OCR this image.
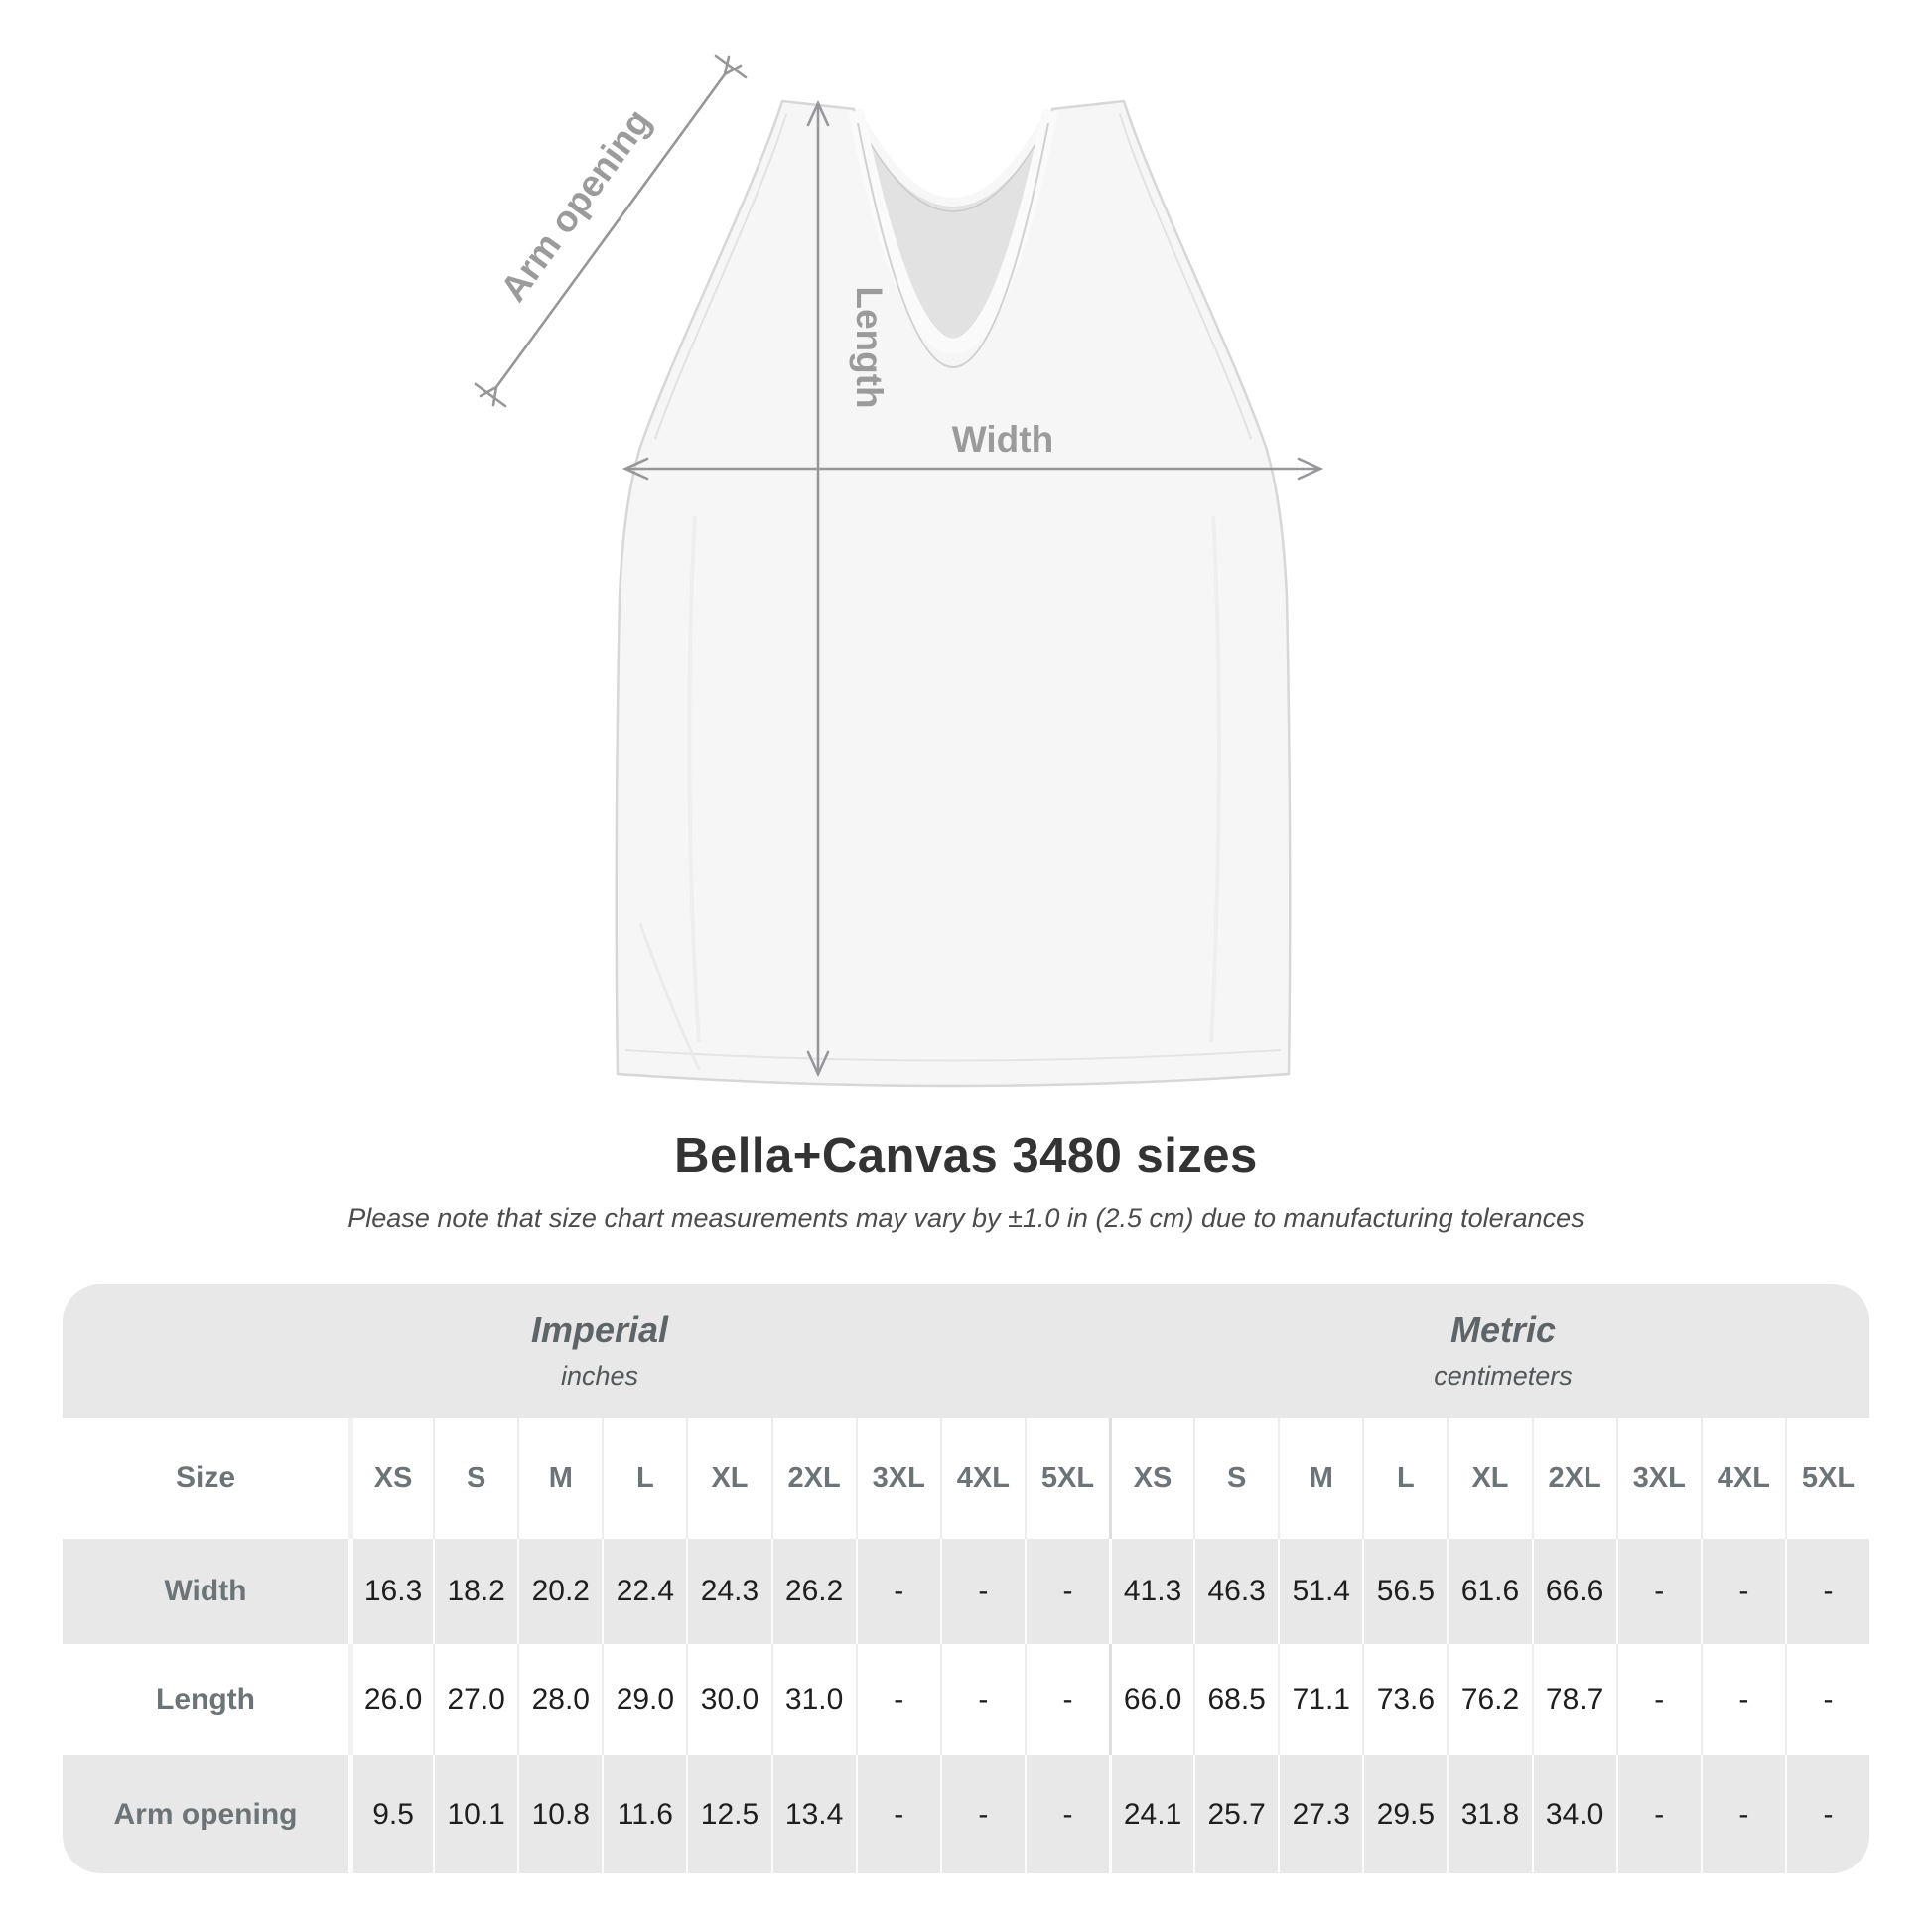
Arm opening
Length
Width
Bella+Canvas 3480 sizes
Please note that size chart measurements may vary by ±1.0 in (2.5 cm) due to manufacturing tolerances
Imperial
inches
Metric
centimeters
Size	XS	S	M	L	XL	2XL	3XL	4XL	5XL	XS	S	M	L	XL	2XL	3XL	4XL	5XL
Width	16.3 18.2 20.2 22.4 24.3 26.2	-	-	-	41.3 46.3 51.4 56.5 61.6 66.6	-	-	-
Length	26.0 27.0 28.0 29.0 30.0 31.0	-	-	-	66.0 68.5 71.1 73.6 76.2 78.7	-	-	-
Arm opening	9.5	10.1 10.8 11.6 12.5 13.4	-	-	-	24.1 25.7 27.3 29.5 31.8 34.0	-	-	-
